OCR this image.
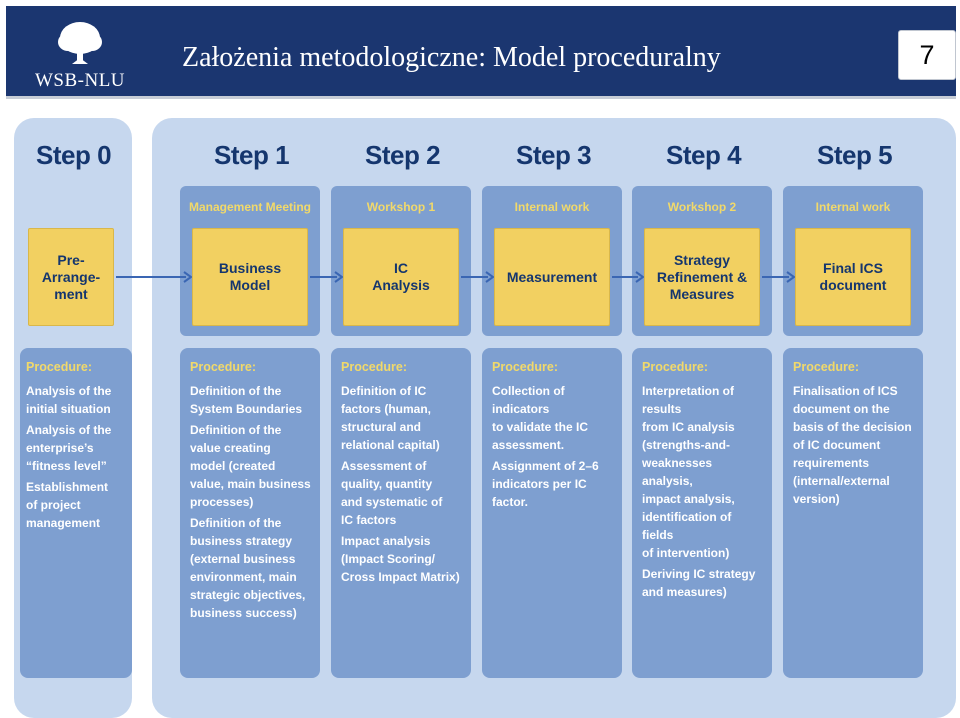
WSB-NLU
Założenia metodologiczne: Model proceduralny	7
Step 0
Pre-
Arrange-
ment
Procedure:
Analysis of the
initial situation
Analysis of the
enterprise’s
“fitness level”
Establishment
of project
management
Step 1
Management Meeting
Business
Model
Procedure:
Definition of the
System Boundaries
Definition of the
value creating
model (created
value, main business
processes)
Definition of the
business strategy
(external business
environment, main
strategic objectives,
business success)
Step 2
Workshop 1
IC
Analysis
Procedure:
Definition of IC
factors (human,
structural and
relational capital)
Assessment of
quality, quantity
and systematic of
IC factors
Impact analysis
(Impact Scoring/
Cross Impact Matrix)
Step 3
Internal work
Measurement
Procedure:
Collection of indicators
to validate the IC
assessment.
Assignment of 2–6
indicators per IC factor.
Step 4
Workshop 2
Strategy
Refinement &
Measures
Procedure:
Interpretation of results
from IC analysis
(strengths-and-
weaknesses analysis,
impact analysis,
identification of fields
of intervention)
Deriving IC strategy
and measures)
Step 5
Internal work
Final ICS
document
Procedure:
Finalisation of ICS
document on the
basis of the decision
of IC document
requirements
(internal/external
version)
